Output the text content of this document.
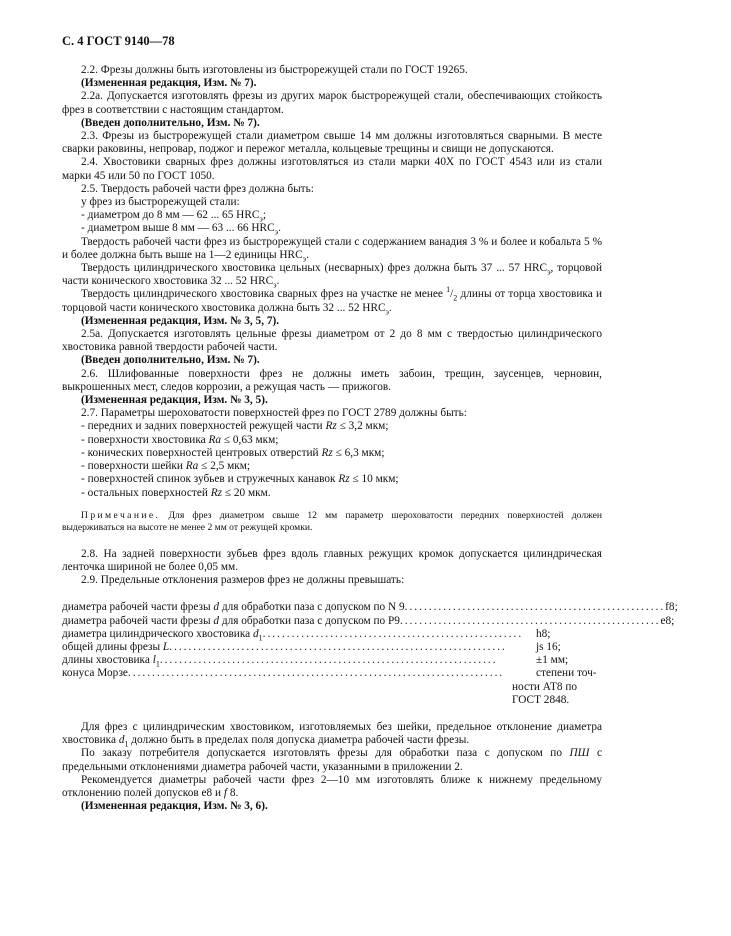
С. 4 ГОСТ 9140—78

2.2. Фрезы должны быть изготовлены из быстрорежущей стали по ГОСТ 19265.

(Измененная редакция, Изм. № 7).

2.2а. Допускается изготовлять фрезы из других марок быстрорежущей стали, обеспечивающих стойкость фрез в соответствии с настоящим стандартом.

(Введен дополнительно, Изм. № 7).

2.3. Фрезы из быстрорежущей стали диаметром свыше 14 мм должны изготовляться сварными. В месте сварки раковины, непровар, поджог и пережог металла, кольцевые трещины и свищи не допускаются.

2.4. Хвостовики сварных фрез должны изготовляться из стали марки 40Х по ГОСТ 4543 или из стали марки 45 или 50 по ГОСТ 1050.

2.5. Твердость рабочей части фрез должна быть:

у фрез из быстрорежущей стали:

- диаметром до 8 мм — 62 ... 65 $HRC_э$;

- диаметром выше 8 мм — 63 ... 66 $HRC_э$.

Твердость рабочей части фрез из быстрорежущей стали с содержанием ванадия 3 % и более и кобальта 5 % и более должна быть выше на 1—2 единицы $HRC_э$.

Твердость цилиндрического хвостовика цельных (несварных) фрез должна быть 37 ... 57 $HRC_э$, торцовой части конического хвостовика 32 ... 52 $HRC_э$.

Твердость цилиндрического хвостовика сварных фрез на участке не менее $^1/_2$ длины от торца хвостовика и торцовой части конического хвостовика должна быть 32 ... 52 $HRC_э$.

(Измененная редакция, Изм. № 3, 5, 7).

2.5а. Допускается изготовлять цельные фрезы диаметром от 2 до 8 мм с твердостью цилиндрического хвостовика равной твердости рабочей части.

(Введен дополнительно, Изм. № 7).

2.6. Шлифованные поверхности фрез не должны иметь забоин, трещин, заусенцев, черновин, выкрошенных мест, следов коррозии, а режущая часть — прижогов.

(Измененная редакция, Изм. № 3, 5).

2.7. Параметры шероховатости поверхностей фрез по ГОСТ 2789 должны быть:

- передних и задних поверхностей режущей части Rz ≤ 3,2 мкм;

- поверхности хвостовика Ra ≤ 0,63 мкм;

- конических поверхностей центровых отверстий Rz ≤ 6,3 мкм;

- поверхности шейки Ra ≤ 2,5 мкм;

- поверхностей спинок зубьев и стружечных канавок Rz ≤ 10 мкм;

- остальных поверхностей Rz ≤ 20 мкм.

Примечание. Для фрез диаметром свыше 12 мм параметр шероховатости передних поверхностей должен выдерживаться на высоте не менее 2 мм от режущей кромки.

2.8. На задней поверхности зубьев фрез вдоль главных режущих кромок допускается цилиндрическая ленточка шириной не более 0,05 мм.

2.9. Предельные отклонения размеров фрез не должны превышать:

диаметра рабочей части фрезы d для обработки паза с допуском по N 9 ...................................................... f8;
диаметра рабочей части фрезы d для обработки паза с допуском по P9 ...................................................... e8;
диаметра цилиндрического хвостовика $d_1$ ......................................................	h8;
общей длины фрезы L ......................................................................	js 16;
длины хвостовика $l_1$ ......................................................................	±1 мм;
конуса Морзе ..............................................................................	степени точ-
ности АТ8 по
ГОСТ 2848.

Для фрез с цилиндрическим хвостовиком, изготовляемых без шейки, предельное отклонение диаметра хвостовика $d_1$ должно быть в пределах поля допуска диаметра рабочей части фрезы.

По заказу потребителя допускается изготовлять фрезы для обработки паза с допуском по ПШ с предельными отклонениями диаметра рабочей части, указанными в приложении 2.

Рекомендуется диаметры рабочей части фрез 2—10 мм изготовлять ближе к нижнему предельному отклонению полей допусков e8 и f 8.

(Измененная редакция, Изм. № 3, 6).
